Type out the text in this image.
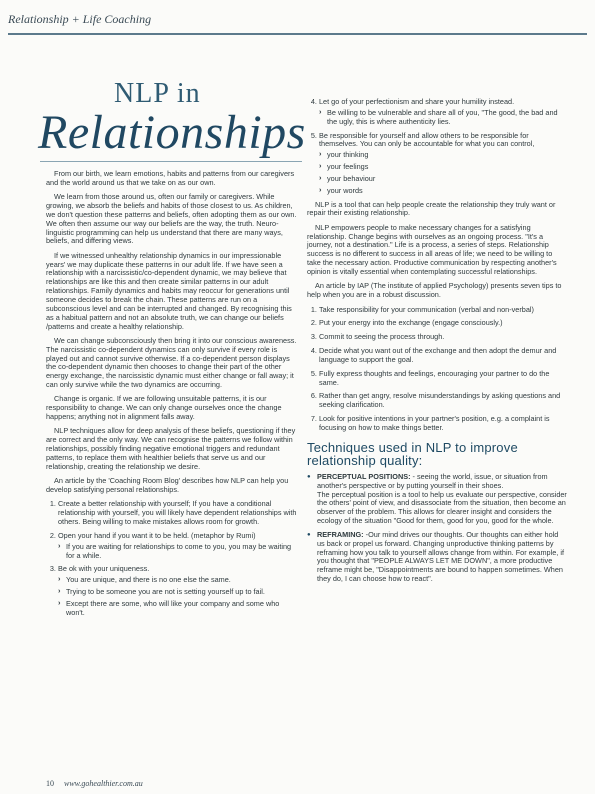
Relationship + Life Coaching
NLP in
Relationships

From our birth, we learn emotions, habits and patterns from our caregivers and the world around us that we take on as our own.

We learn from those around us, often our family or caregivers. While growing, we absorb the beliefs and habits of those closest to us. As children, we don't question these patterns and beliefs, often adopting them as our own. We often then assume our way our beliefs are the way, the truth. Neuro-linguistic programming can help us understand that there are many ways, beliefs, and differing views.

If we witnessed unhealthy relationship dynamics in our impressionable years' we may duplicate these patterns in our adult life. If we have seen a relationship with a narcissistic/co-dependent dynamic, we may believe that relationships are like this and then create similar patterns in our adult relationships. Family dynamics and habits may reoccur for generations until someone decides to break the chain. These patterns are run on a subconscious level and can be interrupted and changed. By recognising this as a habitual pattern and not an absolute truth, we can change our beliefs /patterns and create a healthy relationship.

We can change subconsciously then bring it into our conscious awareness. The narcissistic co-dependent dynamics can only survive if every role is played out and cannot survive otherwise. If a co-dependent person displays the co-dependent dynamic then chooses to change their part of the other energy exchange, the narcissistic dynamic must either change or fall away; it can only survive while the two dynamics are occurring.

Change is organic. If we are following unsuitable patterns, it is our responsibility to change. We can only change ourselves once the change happens; anything not in alignment falls away.

NLP techniques allow for deep analysis of these beliefs, questioning if they are correct and the only way. We can recognise the patterns we follow within relationships, possibly finding negative emotional triggers and redundant patterns, to replace them with healthier beliefs that serve us and our relationship, creating the relationship we desire.

An article by the 'Coaching Room Blog' describes how NLP can help you develop satisfying personal relationships.

1. Create a better relationship with yourself; If you have a conditional relationship with yourself, you will likely have dependent relationships with others. Being willing to make mistakes allows room for growth.
2. Open your hand if you want it to be held. (metaphor by Rumi)
› If you are waiting for relationships to come to you, you may be waiting for a while.
3. Be ok with your uniqueness.
› You are unique, and there is no one else the same.
› Trying to be someone you are not is setting yourself up to fail.
› Except there are some, who will like your company and some who won't.
4. Let go of your perfectionism and share your humility instead.
› Be willing to be vulnerable and share all of you, "The good, the bad and the ugly, this is where authenticity lies.
5. Be responsible for yourself and allow others to be responsible for themselves. You can only be accountable for what you can control,
› your thinking
› your feelings
› your behaviour
› your words

NLP is a tool that can help people create the relationship they truly want or repair their existing relationship.

NLP empowers people to make necessary changes for a satisfying relationship. Change begins with ourselves as an ongoing process. "It's a journey, not a destination." Life is a process, a series of steps. Relationship success is no different to success in all areas of life; we need to be willing to take the necessary action. Productive communication by respecting another's opinion is vitally essential when contemplating successful relationships.

An article by IAP (The institute of applied Psychology) presents seven tips to help when you are in a robust discussion.

1. Take responsibility for your communication (verbal and non-verbal)
2. Put your energy into the exchange (engage consciously.)
3. Commit to seeing the process through.
4. Decide what you want out of the exchange and then adopt the demur and language to support the goal.
5. Fully express thoughts and feelings, encouraging your partner to do the same.
6. Rather than get angry, resolve misunderstandings by asking questions and seeking clarification.
7. Look for positive intentions in your partner's position, e.g. a complaint is focusing on how to make things better.
Techniques used in NLP to improve relationship quality:
● PERCEPTUAL POSITIONS: - seeing the world, issue, or situation from another's perspective or by putting yourself in their shoes.
The perceptual position is a tool to help us evaluate our perspective, consider the others' point of view, and disassociate from the situation, then become an observer of the problem. This allows for clearer insight and considers the ecology of the situation "Good for them, good for you, good for the whole.
● REFRAMING: -Our mind drives our thoughts. Our thoughts can either hold us back or propel us forward. Changing unproductive thinking patterns by reframing how you talk to yourself allows change from within. For example, if you thought that "PEOPLE ALWAYS LET ME DOWN", a more productive reframe might be, "Disappointments are bound to happen sometimes. When they do, I can choose how to react".
10 www.gohealthier.com.au
